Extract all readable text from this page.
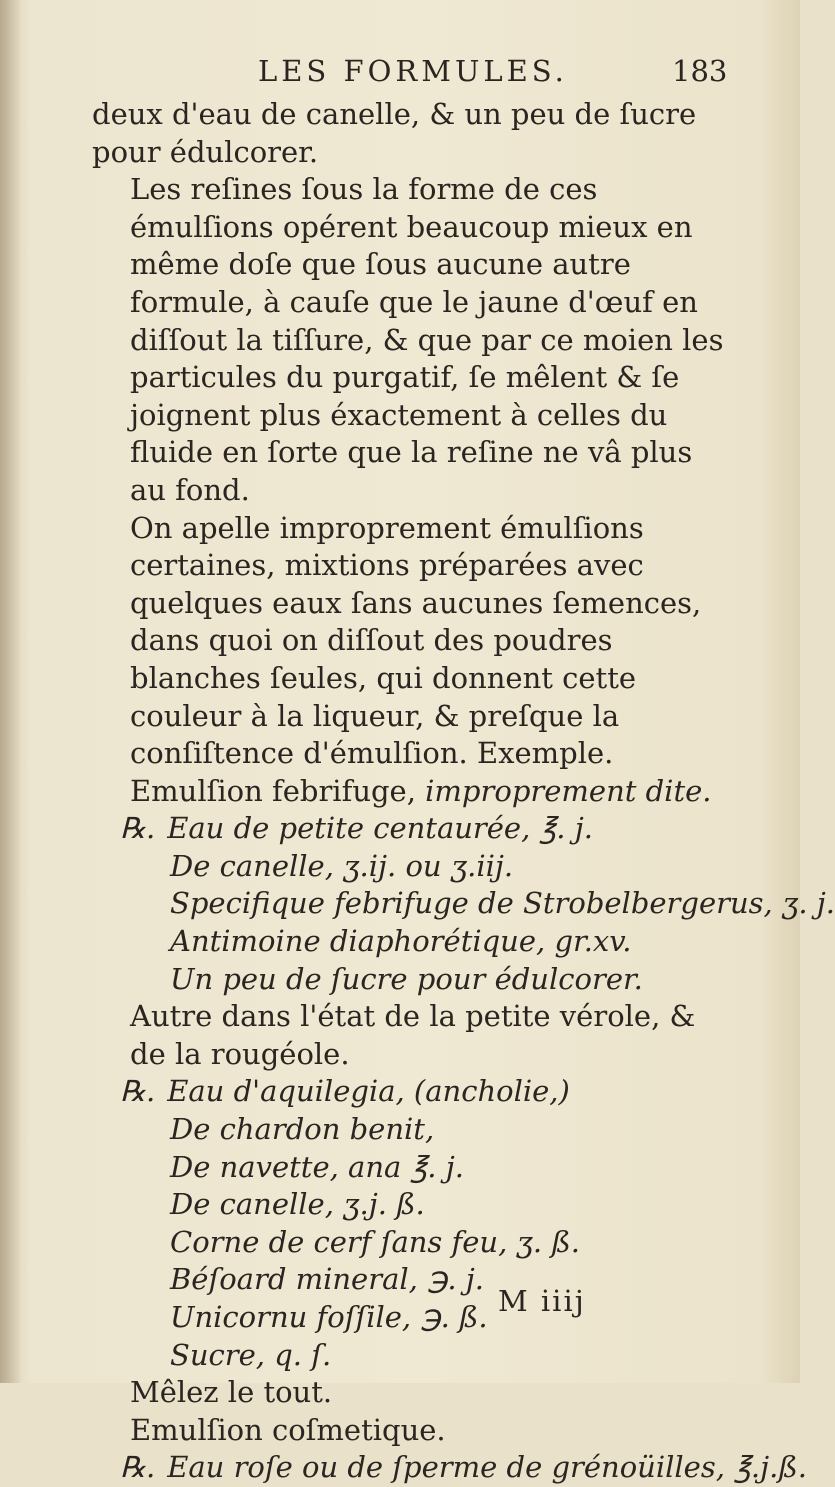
LES FORMULES.	183

deux d'eau de canelle, & un peu de ſucre pour édulcorer.

Les reſines ſous la forme de ces émulſions opérent beaucoup mieux en même doſe que ſous aucune autre formule, à cauſe que le jaune d'œuf en diſſout la tiſſure, & que par ce moien les particules du purgatif, ſe mêlent & ſe joignent plus éxactement à celles du fluide en ſorte que la reſine ne vâ plus au fond.

On apelle improprement émulſions certaines, mixtions préparées avec quelques eaux ſans aucunes ſemences, dans quoi on diſſout des poudres blanches ſeules, qui donnent cette couleur à la liqueur, & preſque la conſiſtence d'émulſion. Exemple.

Emulſion febrifuge, improprement dite.
℞. Eau de petite centaurée, ℥. j.
De canelle, ʒ.ij. ou ʒ.iij.
Specifique febrifuge de Strobelbergerus, ʒ. j.
Antimoine diaphorétique, gr.xv.
Un peu de ſucre pour édulcorer.

Autre dans l'état de la petite vérole, & de la rougéole.

℞. Eau d'aquilegia, (ancholie,)
De chardon benit,
De navette, ana ℥. j.
De canelle, ʒ.j. ß.
Corne de cerf ſans feu, ʒ. ß.
Béſoard mineral, ℈. j.
Unicornu foſſile, ℈. ß.
Sucre, q. ſ.
Mêlez le tout.
Emulſion coſmetique.
℞. Eau roſe ou de ſperme de grénoüilles, ℥.j.ß.
M iiij
